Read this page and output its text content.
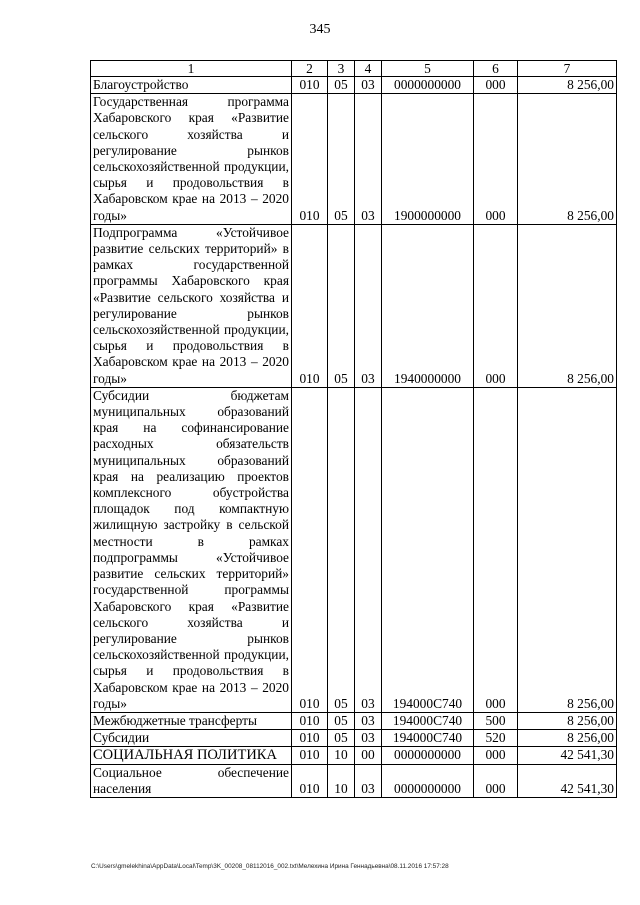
345
1	2	3	4	5	6	7
Благоустройство	010	05	03	0000000000	000	8 256,00
Государственная программа Хабаровского края «Развитие сельского хозяйства и регулирование рынков сельскохозяйственной продукции, сырья и продовольствия в Хабаровском крае на 2013 – 2020 годы»	010	05	03	1900000000	000	8 256,00
Подпрограмма «Устойчивое развитие сельских территорий» в рамках государственной программы Хабаровского края «Развитие сельского хозяйства и регулирование рынков сельскохозяйственной продукции, сырья и продовольствия в Хабаровском крае на 2013 – 2020 годы»	010	05	03	1940000000	000	8 256,00
Субсидии бюджетам муниципальных образований края на софинансирование расходных обязательств муниципальных образований края на реализацию проектов комплексного обустройства площадок под компактную жилищную застройку в сельской местности в рамках подпрограммы «Устойчивое развитие сельских территорий» государственной программы Хабаровского края «Развитие сельского хозяйства и регулирование рынков сельскохозяйственной продукции, сырья и продовольствия в Хабаровском крае на 2013 – 2020 годы»	010	05	03	194000С740	000	8 256,00
Межбюджетные трансферты	010	05	03	194000С740	500	8 256,00
Субсидии	010	05	03	194000С740	520	8 256,00
СОЦИАЛЬНАЯ ПОЛИТИКА	010	10	00	0000000000	000	42 541,30
Социальное обеспечение населения	010	10	03	0000000000	000	42 541,30
C:\Users\gmelekhina\AppData\Local\Temp\3K_00208_08112016_002.txt\Мелехина Ирина Геннадьевна\08.11.2016 17:57:28
